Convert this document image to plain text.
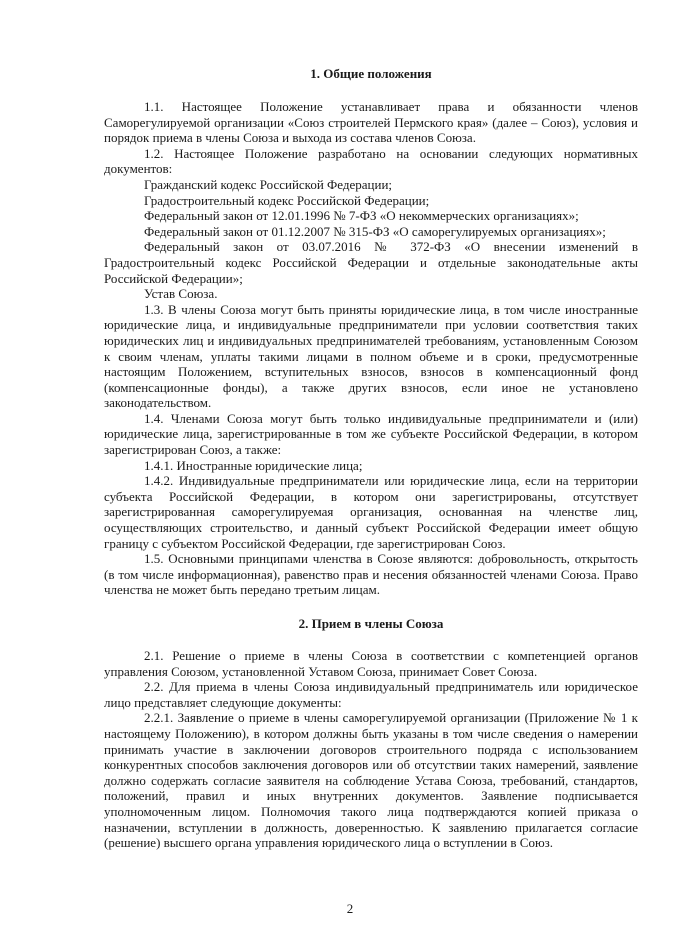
1. Общие положения

1.1. Настоящее Положение устанавливает права и обязанности членов Саморегулируемой организации «Союз строителей Пермского края» (далее – Союз), условия и порядок приема в члены Союза и выхода из состава членов Союза.

1.2. Настоящее Положение разработано на основании следующих нормативных документов:

Гражданский кодекс Российской Федерации;

Градостроительный кодекс Российской Федерации;

Федеральный закон от 12.01.1996 № 7-ФЗ «О некоммерческих организациях»;

Федеральный закон от 01.12.2007 № 315-ФЗ «О саморегулируемых организациях»;

Федеральный закон от 03.07.2016 № 372-ФЗ «О внесении изменений в Градостроительный кодекс Российской Федерации и отдельные законодательные акты Российской Федерации»;

Устав Союза.

1.3. В члены Союза могут быть приняты юридические лица, в том числе иностранные юридические лица, и индивидуальные предприниматели при условии соответствия таких юридических лиц и индивидуальных предпринимателей требованиям, установленным Союзом к своим членам, уплаты такими лицами в полном объеме и в сроки, предусмотренные настоящим Положением, вступительных взносов, взносов в компенсационный фонд (компенсационные фонды), а также других взносов, если иное не установлено законодательством.

1.4. Членами Союза могут быть только индивидуальные предприниматели и (или) юридические лица, зарегистрированные в том же субъекте Российской Федерации, в котором зарегистрирован Союз, а также:

1.4.1. Иностранные юридические лица;

1.4.2. Индивидуальные предприниматели или юридические лица, если на территории субъекта Российской Федерации, в котором они зарегистрированы, отсутствует зарегистрированная саморегулируемая организация, основанная на членстве лиц, осуществляющих строительство, и данный субъект Российской Федерации имеет общую границу с субъектом Российской Федерации, где зарегистрирован Союз.

1.5. Основными принципами членства в Союзе являются: добровольность, открытость (в том числе информационная), равенство прав и несения обязанностей членами Союза. Право членства не может быть передано третьим лицам.

2. Прием в члены Союза

2.1. Решение о приеме в члены Союза в соответствии с компетенцией органов управления Союзом, установленной Уставом Союза, принимает Совет Союза.

2.2. Для приема в члены Союза индивидуальный предприниматель или юридическое лицо представляет следующие документы:

2.2.1. Заявление о приеме в члены саморегулируемой организации (Приложение № 1 к настоящему Положению), в котором должны быть указаны в том числе сведения о намерении принимать участие в заключении договоров строительного подряда с использованием конкурентных способов заключения договоров или об отсутствии таких намерений, заявление должно содержать согласие заявителя на соблюдение Устава Союза, требований, стандартов, положений, правил и иных внутренних документов. Заявление подписывается уполномоченным лицом. Полномочия такого лица подтверждаются копией приказа о назначении, вступлении в должность, доверенностью. К заявлению прилагается согласие (решение) высшего органа управления юридического лица о вступлении в Союз.

2
